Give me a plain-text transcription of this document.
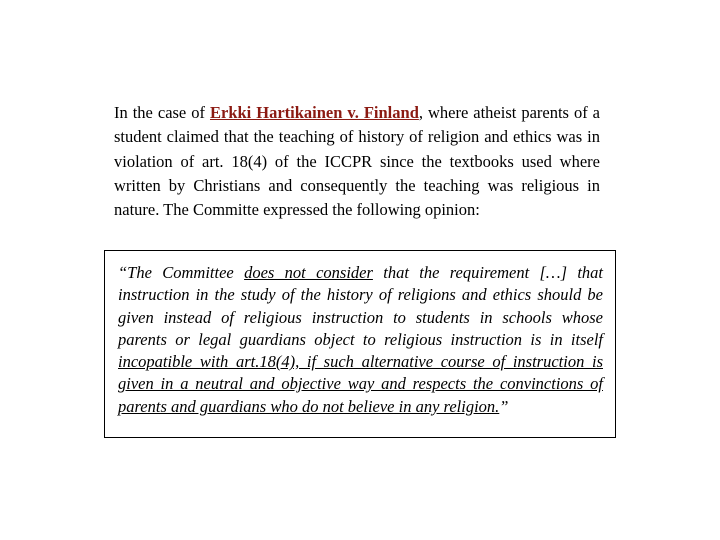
In the case of Erkki Hartikainen v. Finland, where atheist parents of a student claimed that the teaching of history of religion and ethics was in violation of art. 18(4) of the ICCPR since the textbooks used where written by Christians and consequently the teaching was religious in nature. The Committe expressed the following opinion:

“The Committee does not consider that the requirement […] that instruction in the study of the history of religions and ethics should be given instead of religious instruction to students in schools whose parents or legal guardians object to religious instruction is in itself incopatible with art.18(4), if such alternative course of instruction is given in a neutral and objective way and respects the convinctions of parents and guardians who do not believe in any religion.”
